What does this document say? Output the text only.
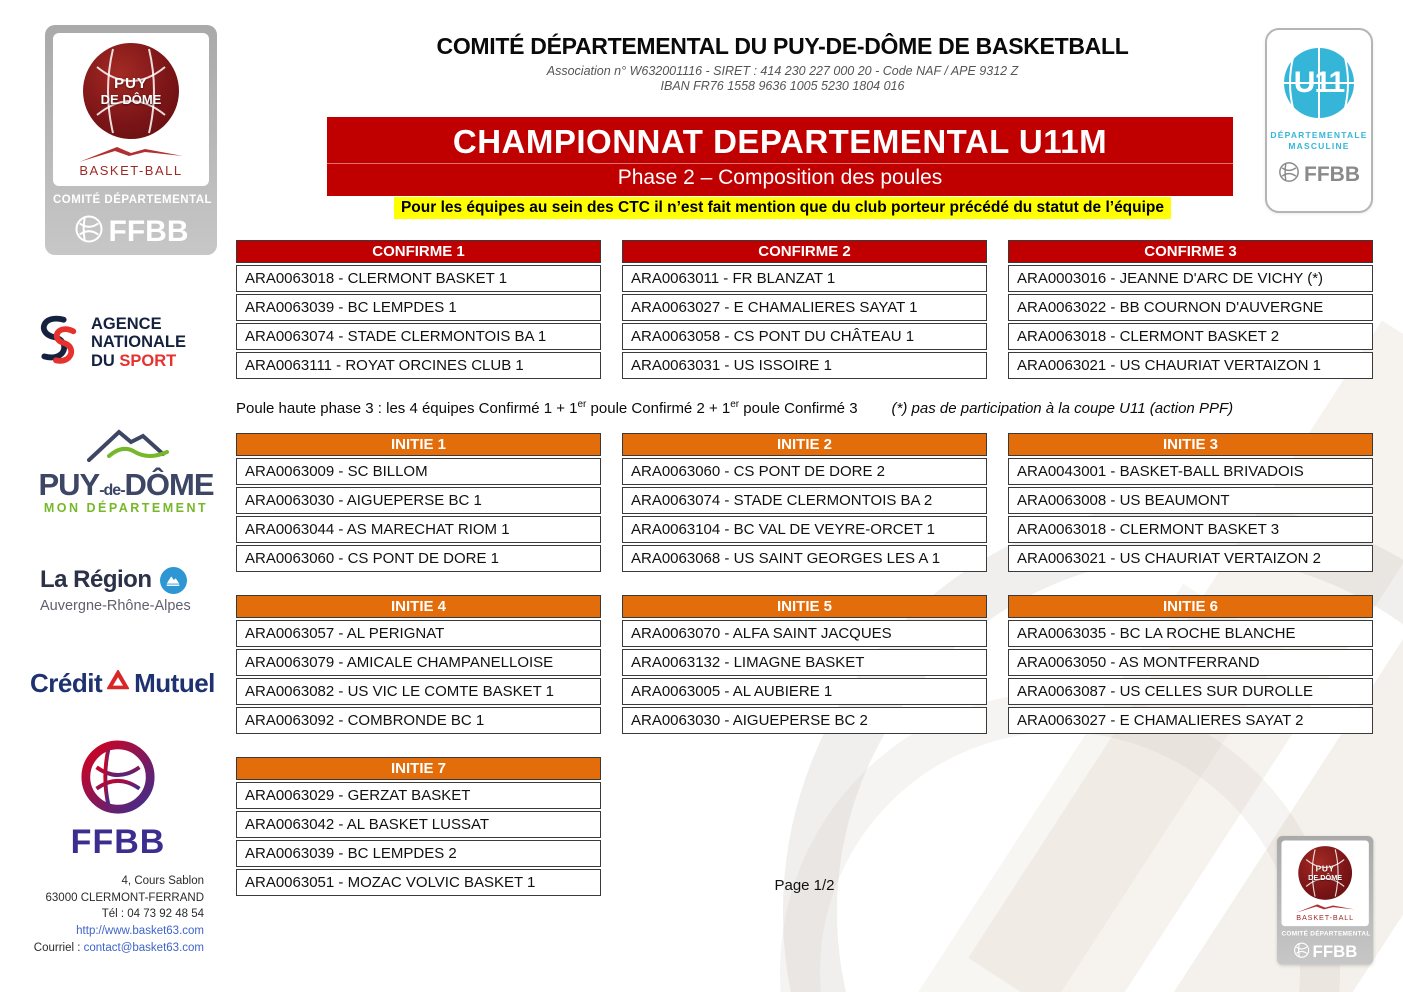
PUY
DE DÔME
BASKET-BALL
COMITÉ DÉPARTEMENTAL
FFBB
AGENCE
NATIONALE
DU SPORT
PUY-de-DÔME
MON DÉPARTEMENT
La Région
Auvergne-Rhône-Alpes
Crédit Mutuel
FFBB
4, Cours Sablon
63000 CLERMONT-FERRAND
Tél : 04 73 92 48 54
http://www.basket63.com
Courriel : contact@basket63.com
COMITÉ DÉPARTEMENTAL DU PUY-DE-DÔME DE BASKETBALL
Association n° W632001116 - SIRET : 414 230 227 000 20 - Code NAF / APE 9312 Z
IBAN FR76 1558 9636 1005 5230 1804 016
CHAMPIONNAT DEPARTEMENTAL U11M
Phase 2 – Composition des poules
Pour les équipes au sein des CTC il n’est fait mention que du club porteur précédé du statut de l’équipe
U11
DÉPARTEMENTALE
MASCULINE
FFBB
CONFIRME 1
ARA0063018 - CLERMONT BASKET 1
ARA0063039 - BC LEMPDES 1
ARA0063074 - STADE CLERMONTOIS BA 1
ARA0063111 - ROYAT ORCINES CLUB 1
CONFIRME 2
ARA0063011 - FR BLANZAT 1
ARA0063027 - E CHAMALIERES SAYAT 1
ARA0063058 - CS PONT DU CHÂTEAU 1
ARA0063031 - US ISSOIRE 1
CONFIRME 3
ARA0003016 - JEANNE D'ARC DE VICHY (*)
ARA0063022 - BB COURNON D'AUVERGNE
ARA0063018 - CLERMONT BASKET 2
ARA0063021 - US CHAURIAT VERTAIZON 1
Poule haute phase 3 : les 4 équipes Confirmé 1 + 1er poule Confirmé 2 + 1er poule Confirmé 3 (*) pas de participation à la coupe U11 (action PPF)
INITIE 1
ARA0063009 - SC BILLOM
ARA0063030 - AIGUEPERSE BC 1
ARA0063044 - AS MARECHAT RIOM 1
ARA0063060 - CS PONT DE DORE 1
INITIE 2
ARA0063060 - CS PONT DE DORE 2
ARA0063074 - STADE CLERMONTOIS BA 2
ARA0063104 - BC VAL DE VEYRE-ORCET 1
ARA0063068 - US SAINT GEORGES LES A 1
INITIE 3
ARA0043001 - BASKET-BALL BRIVADOIS
ARA0063008 - US BEAUMONT
ARA0063018 - CLERMONT BASKET 3
ARA0063021 - US CHAURIAT VERTAIZON 2
INITIE 4
ARA0063057 - AL PERIGNAT
ARA0063079 - AMICALE CHAMPANELLOISE
ARA0063082 - US VIC LE COMTE BASKET 1
ARA0063092 - COMBRONDE BC 1
INITIE 5
ARA0063070 - ALFA SAINT JACQUES
ARA0063132 - LIMAGNE BASKET
ARA0063005 - AL AUBIERE 1
ARA0063030 - AIGUEPERSE BC 2
INITIE 6
ARA0063035 - BC LA ROCHE BLANCHE
ARA0063050 - AS MONTFERRAND
ARA0063087 - US CELLES SUR DUROLLE
ARA0063027 - E CHAMALIERES SAYAT 2
INITIE 7
ARA0063029 - GERZAT BASKET
ARA0063042 - AL BASKET LUSSAT
ARA0063039 - BC LEMPDES 2
ARA0063051 - MOZAC VOLVIC BASKET 1	Page 1/2
PUY
DE DÔME
BASKET-BALL
COMITÉ DÉPARTEMENTAL
FFBB
